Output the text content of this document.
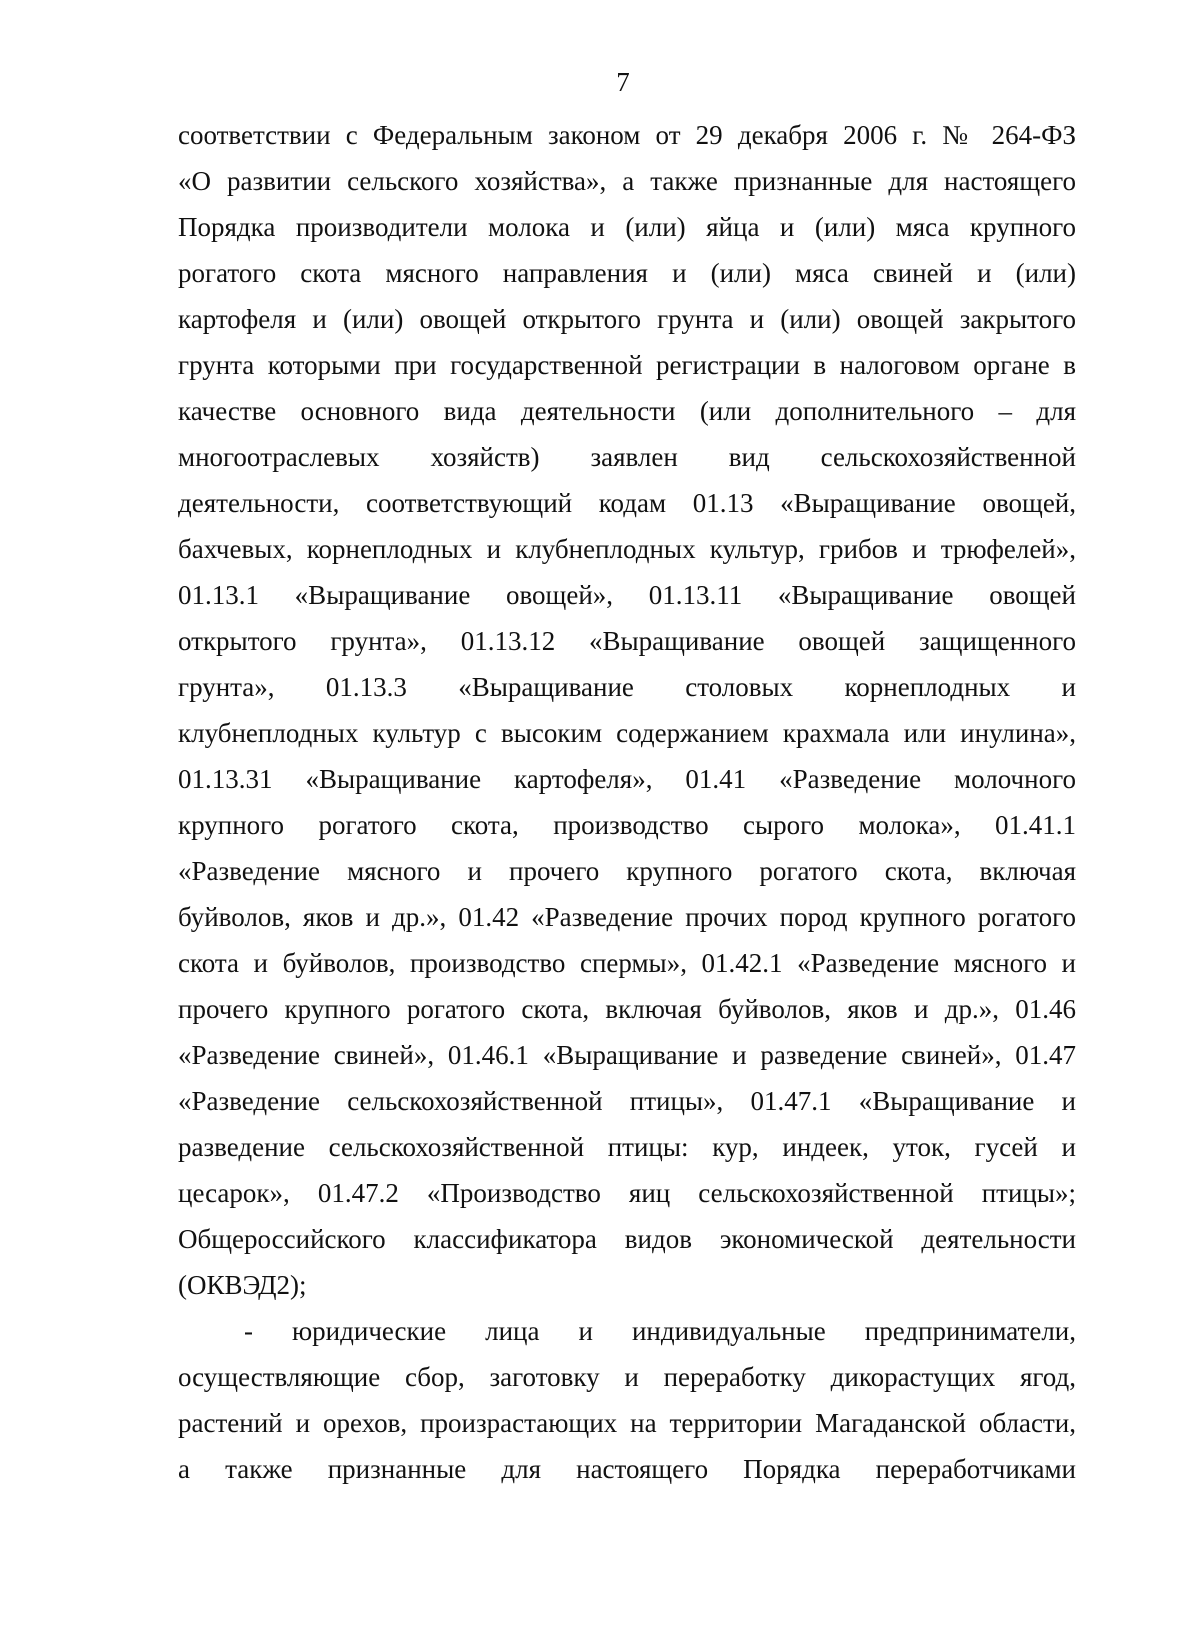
7
соответствии с Федеральным законом от 29 декабря 2006 г. № 264-ФЗ
«О развитии сельского хозяйства», а также признанные для настоящего
Порядка производители молока и (или) яйца и (или) мяса крупного
рогатого скота мясного направления и (или) мяса свиней и (или)
картофеля и (или) овощей открытого грунта и (или) овощей закрытого
грунта которыми при государственной регистрации в налоговом органе в
качестве основного вида деятельности (или дополнительного – для
многоотраслевых хозяйств) заявлен вид сельскохозяйственной
деятельности, соответствующий кодам 01.13 «Выращивание овощей,
бахчевых, корнеплодных и клубнеплодных культур, грибов и трюфелей»,
01.13.1 «Выращивание овощей», 01.13.11 «Выращивание овощей
открытого грунта», 01.13.12 «Выращивание овощей защищенного
грунта», 01.13.3 «Выращивание столовых корнеплодных и
клубнеплодных культур с высоким содержанием крахмала или инулина»,
01.13.31 «Выращивание картофеля», 01.41 «Разведение молочного
крупного рогатого скота, производство сырого молока», 01.41.1
«Разведение мясного и прочего крупного рогатого скота, включая
буйволов, яков и др.», 01.42 «Разведение прочих пород крупного рогатого
скота и буйволов, производство спермы», 01.42.1 «Разведение мясного и
прочего крупного рогатого скота, включая буйволов, яков и др.», 01.46
«Разведение свиней», 01.46.1 «Выращивание и разведение свиней», 01.47
«Разведение сельскохозяйственной птицы», 01.47.1 «Выращивание и
разведение сельскохозяйственной птицы: кур, индеек, уток, гусей и
цесарок», 01.47.2 «Производство яиц сельскохозяйственной птицы»;
Общероссийского классификатора видов экономической деятельности
(ОКВЭД2);
- юридические лица и индивидуальные предприниматели,
осуществляющие сбор, заготовку и переработку дикорастущих ягод,
растений и орехов, произрастающих на территории Магаданской области,
а также признанные для настоящего Порядка переработчиками
